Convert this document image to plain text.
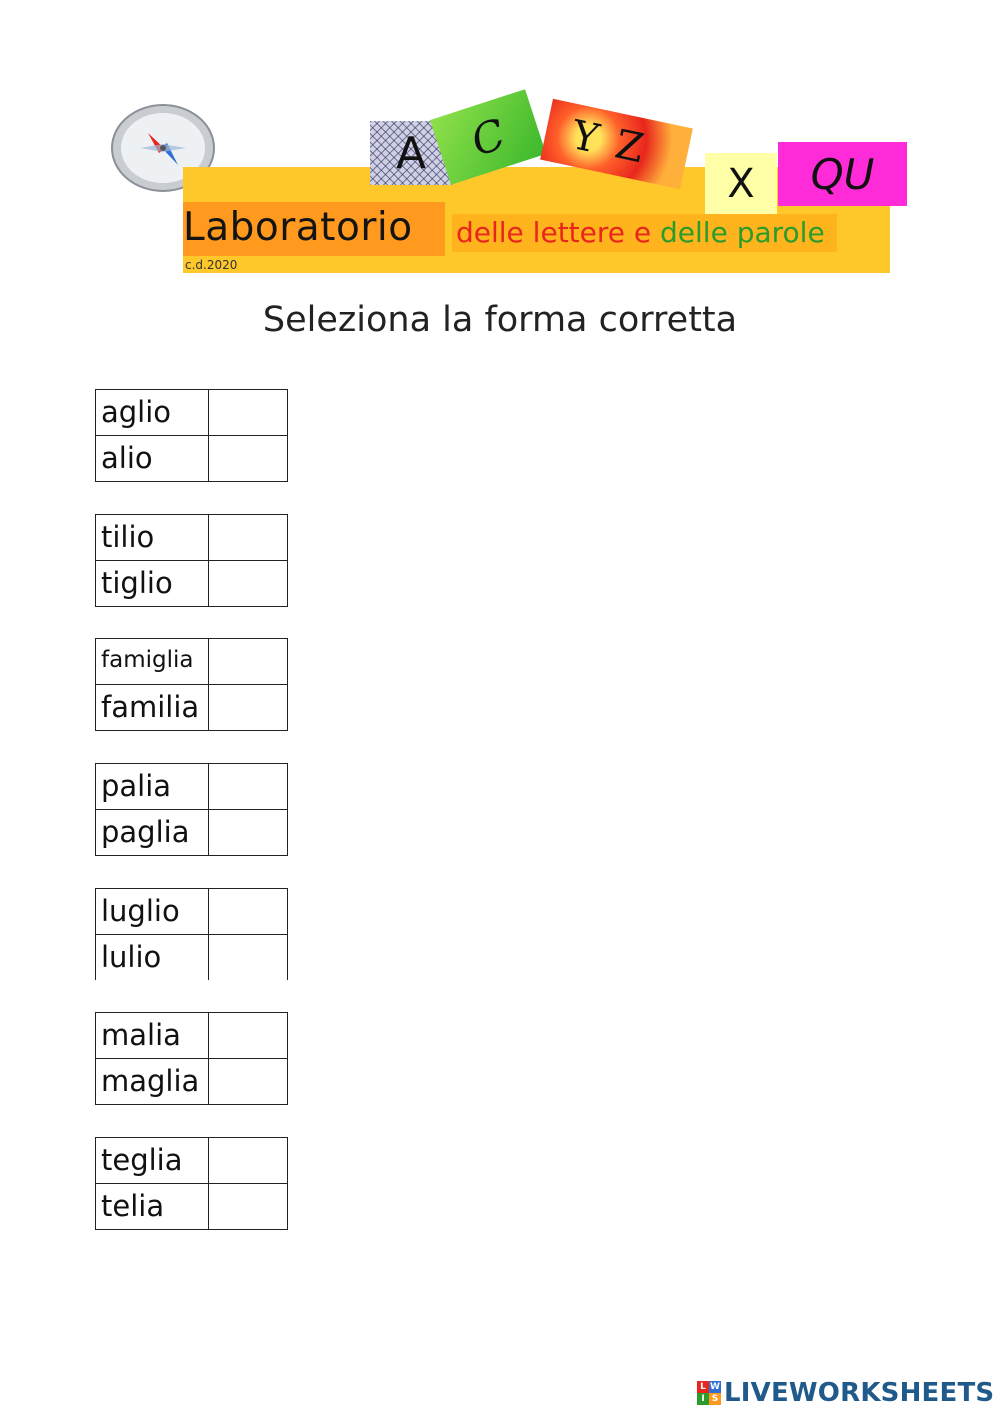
A C YZ
X QU
Laboratorio delle lettere e delle parole
c.d.2020
Seleziona la forma corretta
aglio
alio
tilio
tiglio
famiglia
familia
palia
paglia
luglio
lulio
malia
maglia
teglia
telia
L W
I S LIVEWORKSHEETS
